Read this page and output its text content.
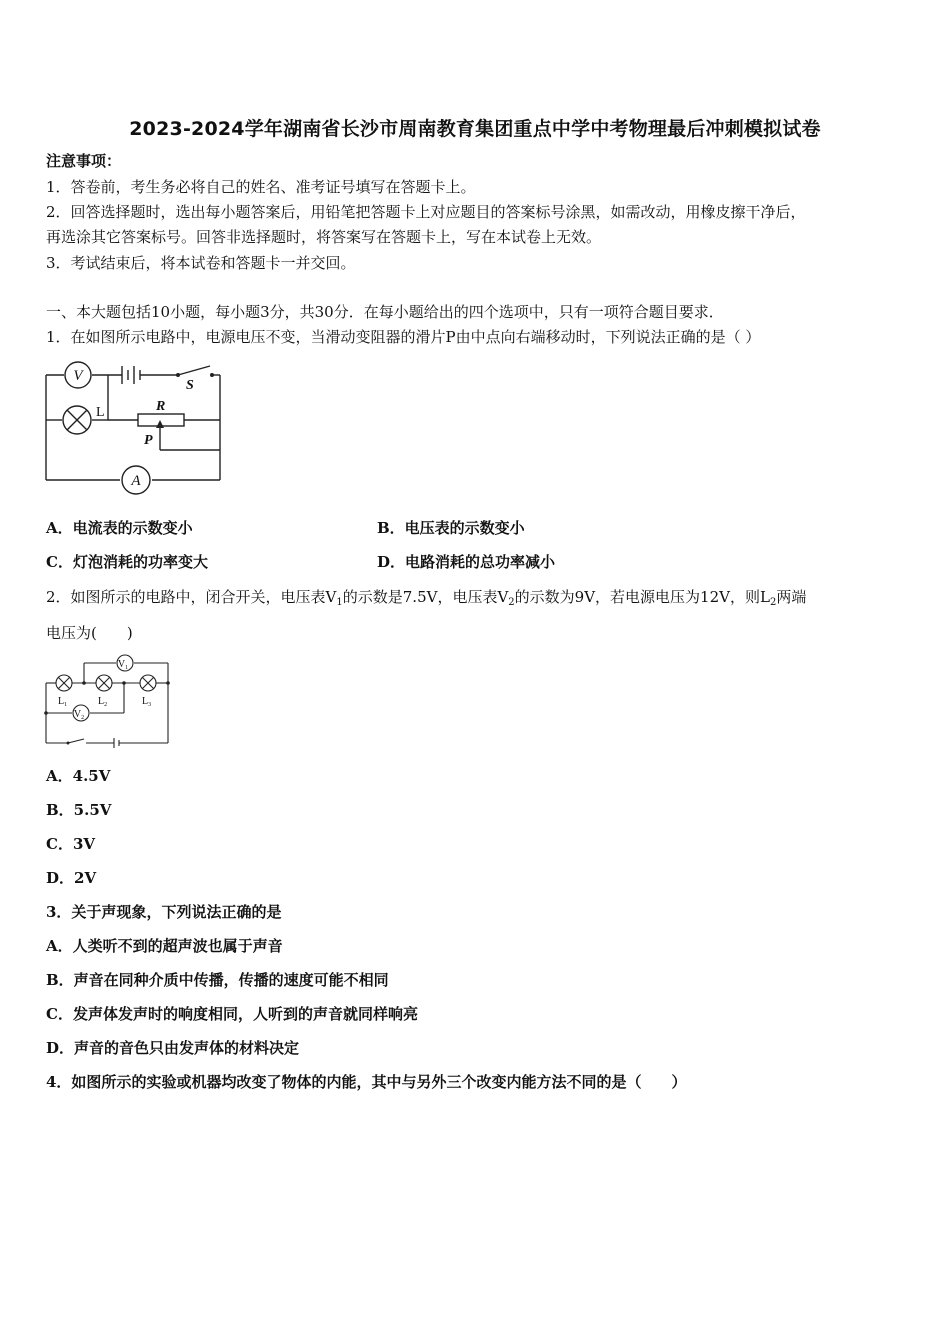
2023-2024学年湖南省长沙市周南教育集团重点中学中考物理最后冲刺模拟试卷
注意事项：
1．答卷前，考生务必将自己的姓名、准考证号填写在答题卡上。
2．回答选择题时，选出每小题答案后，用铅笔把答题卡上对应题目的答案标号涂黑，如需改动，用橡皮擦干净后，
再选涂其它答案标号。回答非选择题时，将答案写在答题卡上，写在本试卷上无效。
3．考试结束后，将本试卷和答题卡一并交回。
一、本大题包括10小题，每小题3分，共30分．在每小题给出的四个选项中，只有一项符合题目要求．
1．在如图所示电路中，电源电压不变，当滑动变阻器的滑片P由中点向右端移动时，下列说法正确的是（ ）
V
L
S
R
P
A
A．电流表的示数变小	B．电压表的示数变小
C．灯泡消耗的功率变大	D．电路消耗的总功率减小
2．如图所示的电路中，闭合开关，电压表$V_1$的示数是7.5V，电压表$V_2$的示数为9V，若电源电压为12V，则$L_2$两端
电压为(　　)
$V_1$
$V_2$
$L_1$	$L_2$	$L_3$
A．4.5V
B．5.5V
C．3V
D．2V
3．关于声现象，下列说法正确的是
A．人类听不到的超声波也属于声音
B．声音在同种介质中传播，传播的速度可能不相同
C．发声体发声时的响度相同，人听到的声音就同样响亮
D．声音的音色只由发声体的材料决定
4．如图所示的实验或机器均改变了物体的内能，其中与另外三个改变内能方法不同的是（　　）
